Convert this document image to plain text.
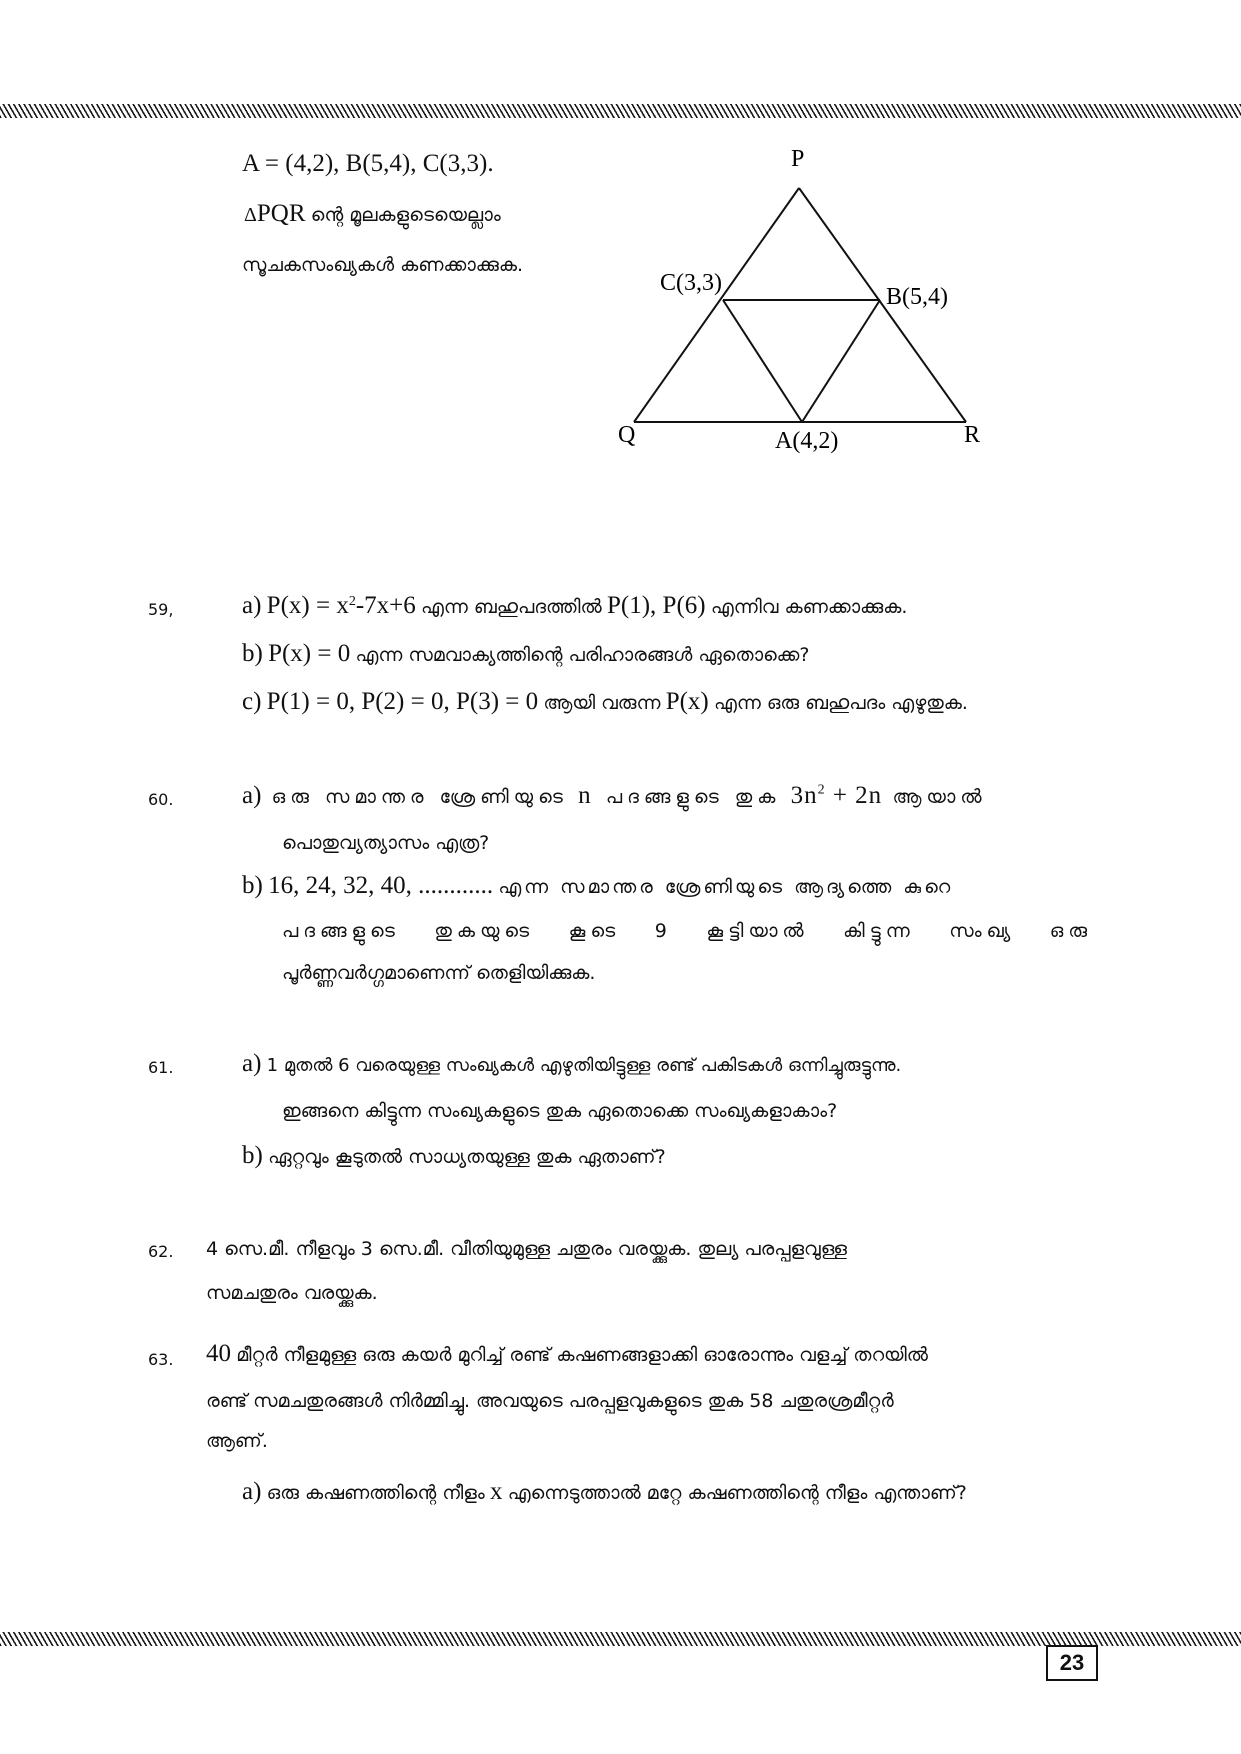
A = (4,2), B(5,4), C(3,3).
ΔPQR ന്റെ മൂലകളുടെയെല്ലാം
സൂചകസംഖ്യകൾ കണക്കാക്കുക.
P
Q	R
A(4,2)
B(5,4)
C(3,3)
59,	a) $P(x) = x^2-7x+6$ എന്ന ബഹുപദത്തിൽ P(1), P(6) എന്നിവ കണക്കാക്കുക.
b) P(x) = 0 എന്ന സമവാക്യത്തിന്റെ പരിഹാരങ്ങൾ ഏതൊക്കെ?
c) P(1) = 0, P(2) = 0, P(3) = 0 ആയി വരുന്ന P(x) എന്ന ഒരു ബഹുപദം എഴുതുക.
60.	a) ഒരു സമാന്തര ശ്രേണിയുടെ n പദങ്ങളുടെ തുക $3n^2 + 2n$ ആയാൽ
പൊതുവ്യത്യാസം എത്ര?
b) 16, 24, 32, 40, ............ എന്ന സമാന്തര ശ്രേണിയുടെ ആദ്യത്തെ കുറെ
പദങ്ങളുടെ തുകയുടെ കൂടെ 9 കൂട്ടിയാൽ കിട്ടുന്ന സംഖ്യ ഒരു
പൂർണ്ണവർഗ്ഗമാണെന്ന് തെളിയിക്കുക.
61.	a) 1 മുതൽ 6 വരെയുള്ള സംഖ്യകൾ എഴുതിയിട്ടുള്ള രണ്ട് പകിടകൾ ഒന്നിച്ചുരുട്ടുന്നു.
ഇങ്ങനെ കിട്ടുന്ന സംഖ്യകളുടെ തുക ഏതൊക്കെ സംഖ്യകളാകാം?
b) ഏറ്റവും കൂടുതൽ സാധ്യതയുള്ള തുക ഏതാണ്?
62. 4 സെ.മീ. നീളവും 3 സെ.മീ. വീതിയുമുള്ള ചതുരം വരയ്ക്കുക. തുല്യ പരപ്പളവുള്ള
സമചതുരം വരയ്ക്കുക.
63. 40 മീറ്റർ നീളമുള്ള ഒരു കയർ മുറിച്ച് രണ്ട് കഷണങ്ങളാക്കി ഓരോന്നും വളച്ച് തറയിൽ
രണ്ട് സമചതുരങ്ങൾ നിർമ്മിച്ചു. അവയുടെ പരപ്പളവുകളുടെ തുക 58 ചതുരശ്രമീറ്റർ
ആണ്.
a) ഒരു കഷണത്തിന്റെ നീളം x എന്നെടുത്താൽ മറ്റേ കഷണത്തിന്റെ നീളം എന്താണ്?
23
